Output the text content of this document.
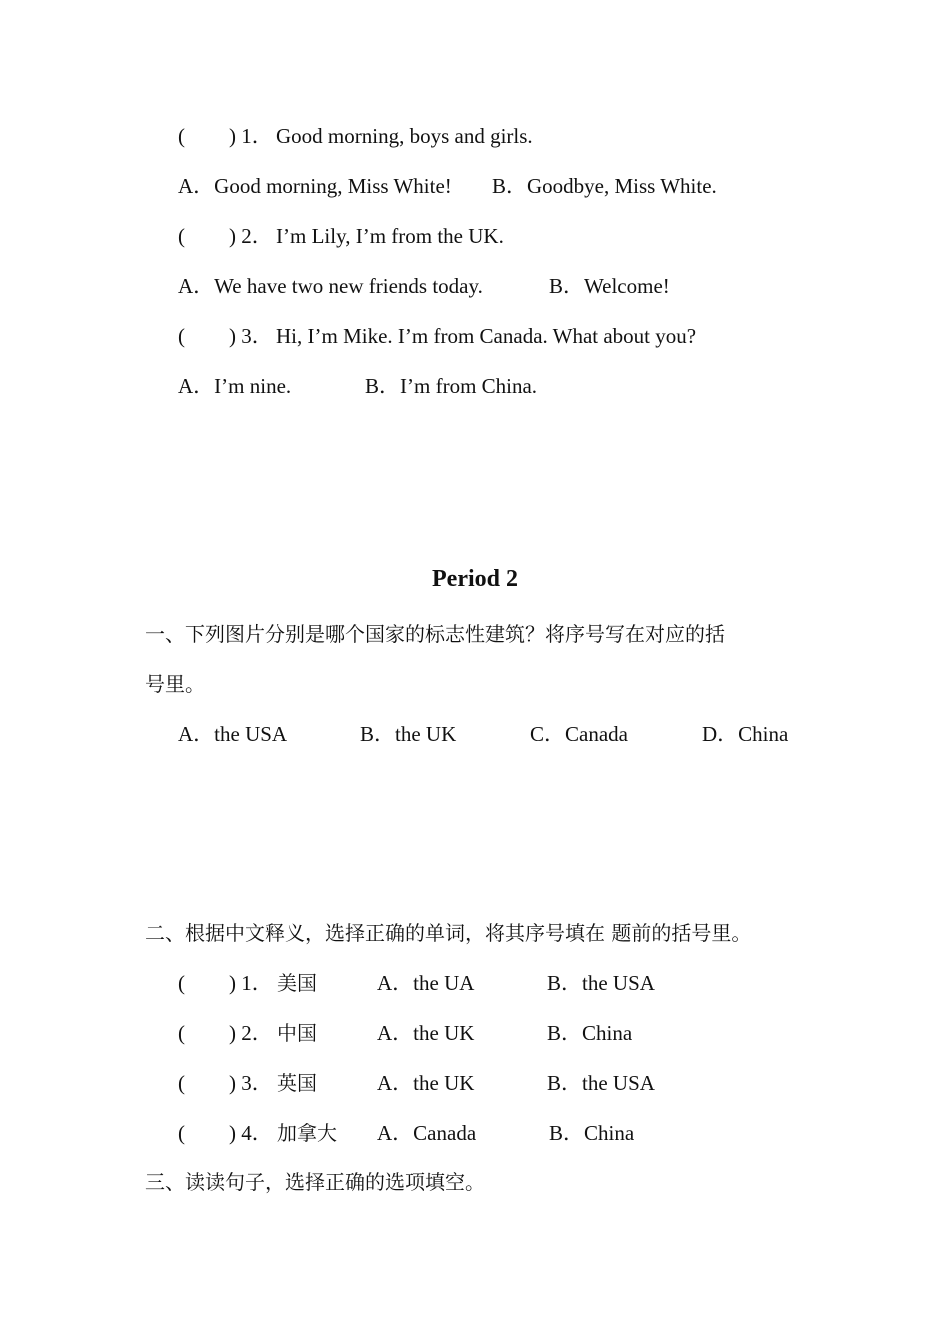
( ) 1． Good morning, boys and girls.
A．Good morning, Miss White! B．Goodbye, Miss White.
( ) 2． I’m Lily, I’m from the UK.
A．We have two new friends today.	B．Welcome!
( ) 3． Hi, I’m Mike. I’m from Canada. What about you?
A．I’m nine.	B．I’m from China.
Period 2
一、下列图片分别是哪个国家的标志性建筑？将序号写在对应的括
号里。
A．the USA	B．the UK	C．Canada	D．China
二、根据中文释义，选择正确的单词，将其序号填在 题前的括号里。
( ) 1． 美国	A．the UA	B．the USA
( ) 2． 中国	A．the UK	B．China
( ) 3． 英国	A．the UK	B．the USA
( ) 4． 加拿大 A．Canada	B．China
三、读读句子，选择正确的选项填空。
